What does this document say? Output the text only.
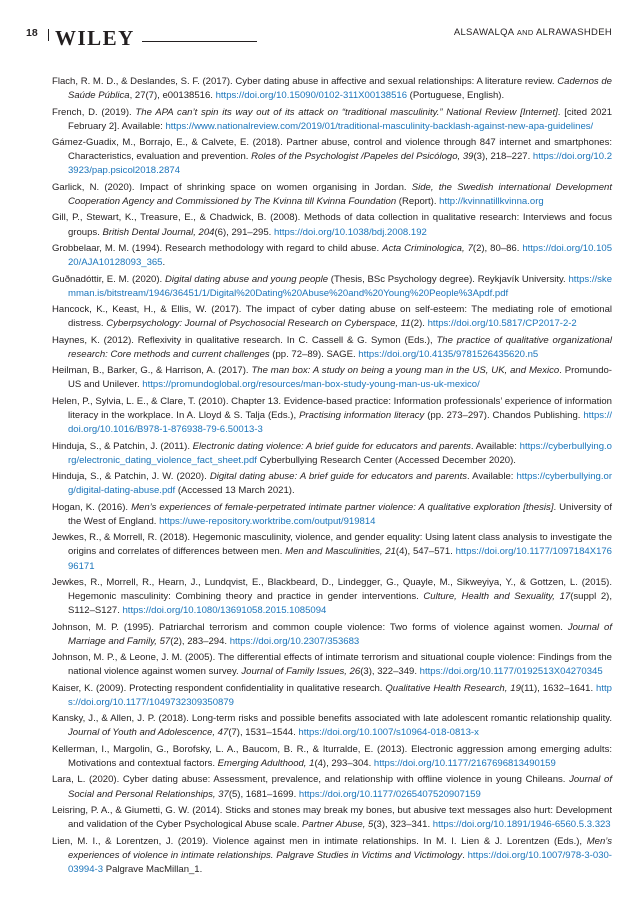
18 WILEY	ALSAWALQA AND ALRAWASHDEH

Flach, R. M. D., & Deslandes, S. F. (2017). Cyber dating abuse in affective and sexual relationships: A literature review. Cadernos de Saúde Pública, 27(7), e00138516. https://doi.org/10.15090/0102-311X00138516 (Portuguese, English).

French, D. (2019). The APA can’t spin its way out of its attack on “traditional masculinity.” National Review [Internet]. [cited 2021 February 2]. Available: https://www.nationalreview.com/2019/01/traditional-masculinity-backlash-against-new-apa-guidelines/

Gámez-Guadix, M., Borrajo, E., & Calvete, E. (2018). Partner abuse, control and violence through 847 internet and smartphones: Characteristics, evaluation and prevention. Roles of the Psychologist /Papeles del Psicólogo, 39(3), 218–227. https://doi.org/10.23923/pap.psicol2018.2874

Garlick, N. (2020). Impact of shrinking space on women organising in Jordan. Side, the Swedish international Development Cooperation Agency and Commissioned by The Kvinna till Kvinna Foundation (Report). http://kvinnatillkvinna.org

Gill, P., Stewart, K., Treasure, E., & Chadwick, B. (2008). Methods of data collection in qualitative research: Interviews and focus groups. British Dental Journal, 204(6), 291–295. https://doi.org/10.1038/bdj.2008.192

Grobbelaar, M. M. (1994). Research methodology with regard to child abuse. Acta Criminologica, 7(2), 80–86. https://doi.org/10.10520/AJA10128093_365.

Guðnadóttir, E. M. (2020). Digital dating abuse and young people (Thesis, BSc Psychology degree). Reykjavík University. https://skemman.is/bitstream/1946/36451/1/Digital%20Dating%20Abuse%20and%20Young%20People%3Apdf.pdf

Hancock, K., Keast, H., & Ellis, W. (2017). The impact of cyber dating abuse on self-esteem: The mediating role of emotional distress. Cyberpsychology: Journal of Psychosocial Research on Cyberspace, 11(2). https://doi.org/10.5817/CP2017-2-2

Haynes, K. (2012). Reflexivity in qualitative research. In C. Cassell & G. Symon (Eds.), The practice of qualitative organizational research: Core methods and current challenges (pp. 72–89). SAGE. https://doi.org/10.4135/9781526435620.n5

Heilman, B., Barker, G., & Harrison, A. (2017). The man box: A study on being a young man in the US, UK, and Mexico. Promundo-US and Unilever. https://promundoglobal.org/resources/man-box-study-young-man-us-uk-mexico/

Helen, P., Sylvia, L. E., & Clare, T. (2010). Chapter 13. Evidence-based practice: Information professionals’ experience of information literacy in the workplace. In A. Lloyd & S. Talja (Eds.), Practising information literacy (pp. 273–297). Chandos Publishing. https://doi.org/10.1016/B978-1-876938-79-6.50013-3

Hinduja, S., & Patchin, J. (2011). Electronic dating violence: A brief guide for educators and parents. Available: https://cyberbullying.org/electronic_dating_violence_fact_sheet.pdf Cyberbullying Research Center (Accessed December 2020).

Hinduja, S., & Patchin, J. W. (2020). Digital dating abuse: A brief guide for educators and parents. Available: https://cyberbullying.org/digital-dating-abuse.pdf (Accessed 13 March 2021).

Hogan, K. (2016). Men’s experiences of female-perpetrated intimate partner violence: A qualitative exploration [thesis]. University of the West of England. https://uwe-repository.worktribe.com/output/919814

Jewkes, R., & Morrell, R. (2018). Hegemonic masculinity, violence, and gender equality: Using latent class analysis to investigate the origins and correlates of differences between men. Men and Masculinities, 21(4), 547–571. https://doi.org/10.1177/1097184X17696171

Jewkes, R., Morrell, R., Hearn, J., Lundqvist, E., Blackbeard, D., Lindegger, G., Quayle, M., Sikweyiya, Y., & Gottzen, L. (2015). Hegemonic masculinity: Combining theory and practice in gender interventions. Culture, Health and Sexuality, 17(suppl 2), S112–S127. https://doi.org/10.1080/13691058.2015.1085094

Johnson, M. P. (1995). Patriarchal terrorism and common couple violence: Two forms of violence against women. Journal of Marriage and Family, 57(2), 283–294. https://doi.org/10.2307/353683

Johnson, M. P., & Leone, J. M. (2005). The differential effects of intimate terrorism and situational couple violence: Findings from the national violence against women survey. Journal of Family Issues, 26(3), 322–349. https://doi.org/10.1177/0192513X04270345

Kaiser, K. (2009). Protecting respondent confidentiality in qualitative research. Qualitative Health Research, 19(11), 1632–1641. https://doi.org/10.1177/1049732309350879

Kansky, J., & Allen, J. P. (2018). Long-term risks and possible benefits associated with late adolescent romantic relationship quality. Journal of Youth and Adolescence, 47(7), 1531–1544. https://doi.org/10.1007/s10964-018-0813-x

Kellerman, I., Margolin, G., Borofsky, L. A., Baucom, B. R., & Iturralde, E. (2013). Electronic aggression among emerging adults: Motivations and contextual factors. Emerging Adulthood, 1(4), 293–304. https://doi.org/10.1177/2167696813490159

Lara, L. (2020). Cyber dating abuse: Assessment, prevalence, and relationship with offline violence in young Chileans. Journal of Social and Personal Relationships, 37(5), 1681–1699. https://doi.org/10.1177/0265407520907159

Leisring, P. A., & Giumetti, G. W. (2014). Sticks and stones may break my bones, but abusive text messages also hurt: Development and validation of the Cyber Psychological Abuse scale. Partner Abuse, 5(3), 323–341. https://doi.org/10.1891/1946-6560.5.3.323

Lien, M. I., & Lorentzen, J. (2019). Violence against men in intimate relationships. In M. I. Lien & J. Lorentzen (Eds.), Men’s experiences of violence in intimate relationships. Palgrave Studies in Victims and Victimology. https://doi.org/10.1007/978-3-030-03994-3 Palgrave MacMillan_1.
